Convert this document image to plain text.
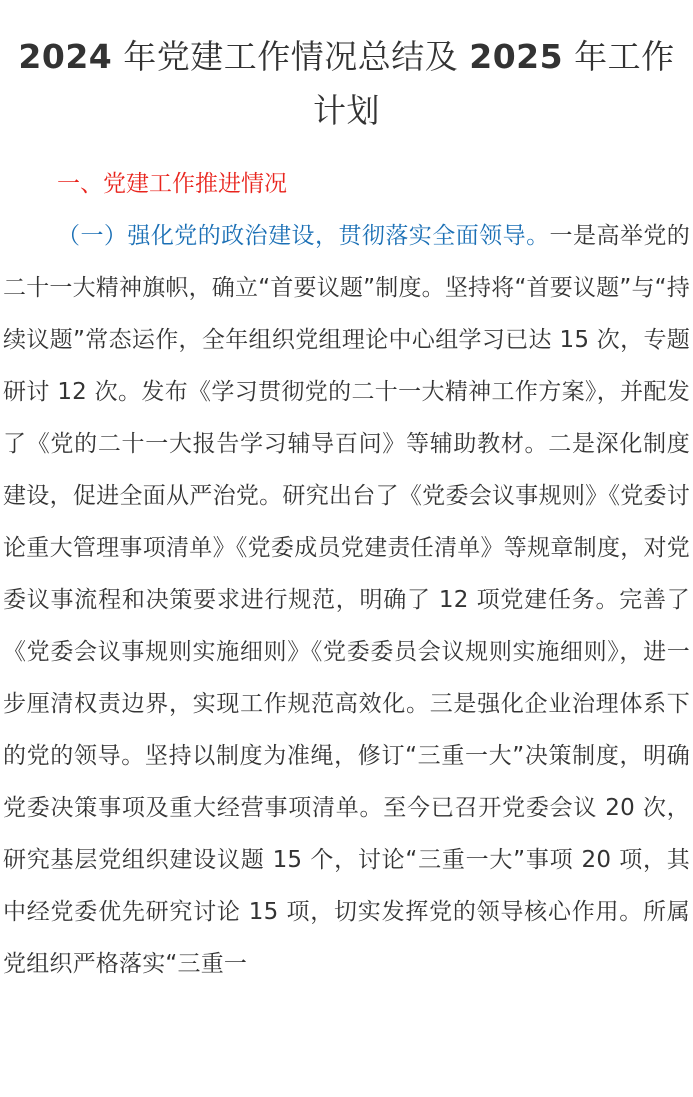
2024 年党建工作情况总结及 2025 年工作计划
一、党建工作推进情况

（一）强化党的政治建设，贯彻落实全面领导。一是高举党的二十一大精神旗帜，确立“首要议题”制度。坚持将“首要议题”与“持续议题”常态运作，全年组织党组理论中心组学习已达 15 次，专题研讨 12 次。发布《学习贯彻党的二十一大精神工作方案》，并配发了《党的二十一大报告学习辅导百问》等辅助教材。二是深化制度建设，促进全面从严治党。研究出台了《党委会议事规则》《党委讨论重大管理事项清单》《党委成员党建责任清单》等规章制度，对党委议事流程和决策要求进行规范，明确了 12 项党建任务。完善了《党委会议事规则实施细则》《党委委员会议规则实施细则》，进一步厘清权责边界，实现工作规范高效化。三是强化企业治理体系下的党的领导。坚持以制度为准绳，修订“三重一大”决策制度，明确党委决策事项及重大经营事项清单。至今已召开党委会议 20 次，研究基层党组织建设议题 15 个，讨论“三重一大”事项 20 项，其中经党委优先研究讨论 15 项，切实发挥党的领导核心作用。所属党组织严格落实“三重一
